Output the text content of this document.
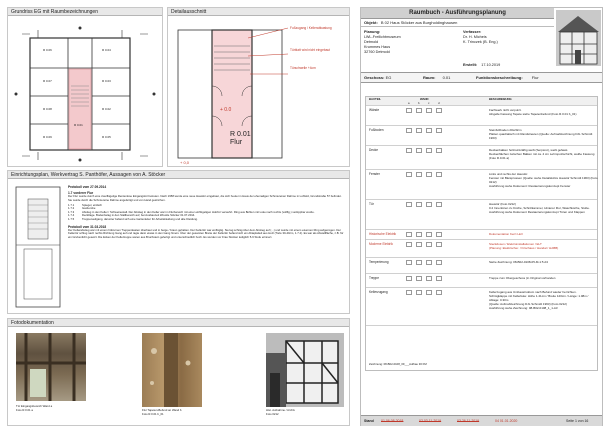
Grundriss EG mit Raumbezeichnungen
R 0.06	R 0.04
R 0.07	R 0.03
R 0.08	R 0.02
R 0.09	R 0.05
R 0.01
Detailausschnitt
R 0.01
Flur
+ 0.0
+ 0,0
Fußzugang / Kellerabkastung
Türblatt wird nicht eingebaut
Türschwelle +4cm
Einrichtungsplan, Werkvertrag S. Panthöfer, Aussagen von A. Stöcker
Protokoll vom 27.09.2014
1.7 vorderer Flur
Der Flur wurde durch eine zweiflügelige Rentenlose Eingangstür betreten. Nach 1958 wurde eine neue Haustür eingebaut, die sich heute im Haus der ehemaligen Schmiereiner Dahme in Lohfeld, Grundstraße 57 befindet. Sie wurde durch die Schmiereine Dahme angefertigt und von Hand gestrichen.
1.7.1	Spiegel, einfach
1.7.2	Garderobe
1.7.3	Abstieg in den Keller / Schweinestall. Der Abstieg in den Keller war im Flurbereich mit einer einflügeligen Holztür verwehrt. Ring aus Bohlen mit Luke nach rechts (vollflg.) verkippbar wurde.
1.7.4	Decktlage. Bodenbelag in den Stallbereich auf, bei Ausbauzeit Wrestle Stöcker 01.07.2014.
1.7.5	Treppenaufgang, darunter befand sich eine Gartenleiter für Arbeitskleidung und alte Kleidung.
Protokoll vom 31.03.2018
Der Kellerabstieg war mit einem hölzernen Treppenkasten überbaut und in beige / braun gehalten. Der Kellertür war einflüglig. Sie lag schräg über dem Abstieg auf (...) und wurde mit einem eisernen Ring aufgezogen. Der Kellertür schlug nach rechts Richtung Gang auf und ragte dann etwas in den Gang hinein. Über der gesamten Breite der Kellertür befand sich ein Abtaplatteli aus Holz (Tiefe 30-40cm, 1.7.4). Es war als Abstellfläche, z.B. für ein Grubenlicht gesetzt. Die Ecken der Kellertreppe waren aus Bruchstein gefertigt und unterschiedlich hoch. Es wurden vor Frau Stöcker lediglich 5-6 Stufe erinnert.
Fotodokumentation
Tür Eingangsbereich Wand a
Foto R.0.01 a	Flur Tapeten-Befund an Wand b
Foto R.0.01 b_01
Hist. Aufnahme / Archiv
Foto 0212
Raumbuch - Ausführungsplanung
Objekt: B 02 Haus Stöcker aus Burgholdinghausen
Planung:
LWL-Freilichtmuseum
Detmold
Krummes Haus
32760 Detmold
Verfasser:
Dr. H. Micheis
K. Trinczek (B. Eng.)
Erstellt: 17.10.2019
Geschoss: EG	Raum: 0.01	Funktionsbeschreibung: Flur
BAUTEIL	WAND	BESCHREIBUNG
a	b	c	d
Wände	Fachwerk nicht verputzt.
Alngelle Fassung Tapete siehe Tapetenbefund (Foto R.0.01 b_01)
Fußboden	Steinfußboden 20x20cm
Platten quadratisch mit Randstreuten (Quelle: Aufmaßzeichnung DJL Schmidt 1963)
Decke	Deckenbalken holzreinkräftig weiß (Serpsrot), weiß gefasst.
Deckenflächen zwischen Balken mit ca. 4 cm Lehmputzschicht, weiße Fassung (Foto R.0.01 a)
Fenster	Links und rechts der Haustür.
Fenster mit Bleisprossen (Quelle: siehe Detailskizze Haustür Schmidt 1963) (Foto 0212)
Ausführung siehe Dokument: Restaurierungskonzept Fenster
Tür	Haustür (Foto 0212)
0.2 Innentüren zu Küche, Schrölkammer, Hinterer Flur, Waschküche, Stube.
Ausführung siehe Dokument Restaurierungskonzept Türen und Klappen
Historische Elektrik	Dokumentation Kerrt Holl
Moderne Elektrik	Steckdosen / Elektroinstallationen / ELT
(Planung: Elektrischer. / Frischaus / Handal / HABB)
Temperierung	Siehe Zeichnung: 08-B02-0108-05-M-1:5 A3
Treppe	Treppe zum Obergeschoss (in Original vorhanden
Kellerzugang	Kellerzugang aus Umbaustruktum nach Befund wieder herrichten.
Schrägklappe mit Kellerluke: Höhe 1.41cm / Breite 120cm / Länge: 1.08m / Ablage: 0.30m
(Quelle: Aufmaßzeichnung DJL Schmidt 1963) (Foto 0212)
Ausführung siehe Zeichnung: 08-B02-0108_1_1-A3
Zeichnung: 08-B02-0108_09___Aufbau 30 FM
Stand 01 06.08.2018	02 03.11.2019	03 26.11.2019	04 01.01.2020	Seite 1 von 16
